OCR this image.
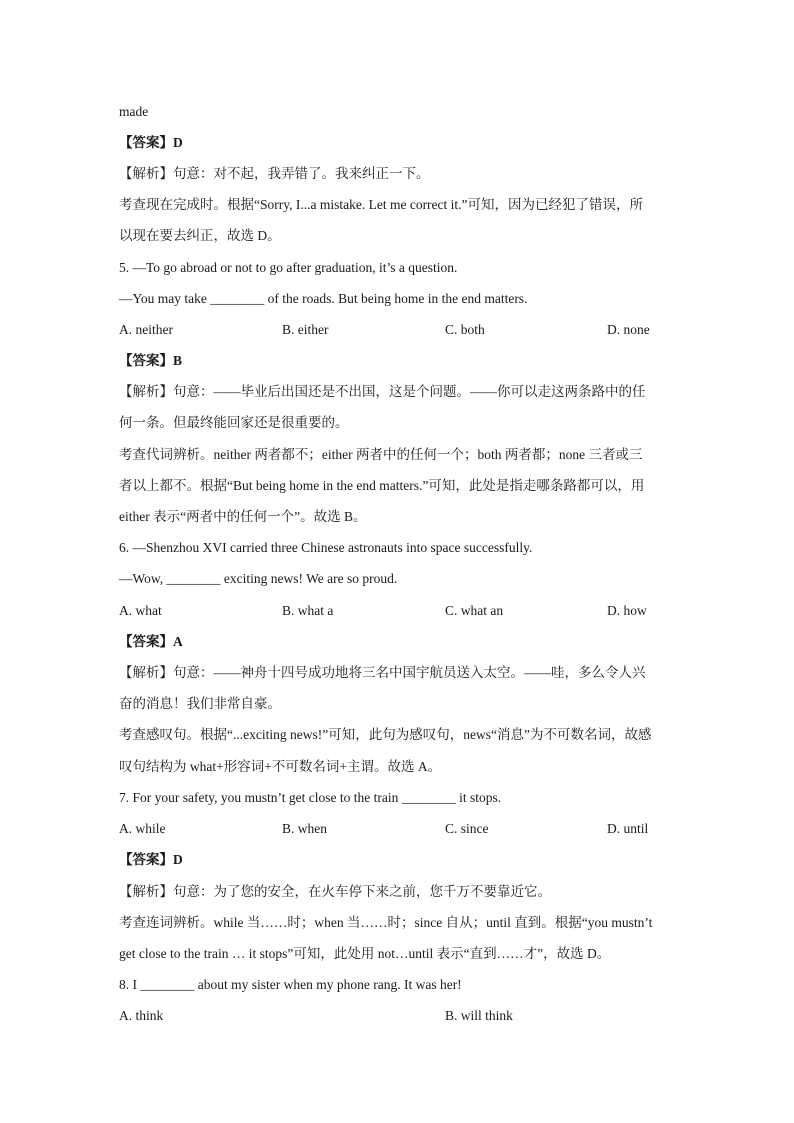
made
【答案】D
【解析】句意：对不起，我弄错了。我来纠正一下。
考查现在完成时。根据“Sorry, I...a mistake. Let me correct it.”可知，因为已经犯了错误，所
以现在要去纠正，故选 D。
5. —To go abroad or not to go after graduation, it’s a question.
—You may take ________ of the roads. But being home in the end matters.
A. neither	B. either	C. both	D. none
【答案】B
【解析】句意：——毕业后出国还是不出国，这是个问题。——你可以走这两条路中的任
何一条。但最终能回家还是很重要的。
考查代词辨析。neither 两者都不；either 两者中的任何一个；both 两者都；none 三者或三
者以上都不。根据“But being home in the end matters.”可知，此处是指走哪条路都可以，用
either 表示“两者中的任何一个”。故选 B。
6. —Shenzhou XVI carried three Chinese astronauts into space successfully.
—Wow, ________ exciting news! We are so proud.
A. what	B. what a	C. what an	D. how
【答案】A
【解析】句意：——神舟十四号成功地将三名中国宇航员送入太空。——哇，多么令人兴
奋的消息！我们非常自豪。
考查感叹句。根据“...exciting news!”可知，此句为感叹句，news“消息”为不可数名词，故感
叹句结构为 what+形容词+不可数名词+主谓。故选 A。
7. For your safety, you mustn’t get close to the train ________ it stops.
A. while	B. when	C. since	D. until
【答案】D
【解析】句意：为了您的安全，在火车停下来之前，您千万不要靠近它。
考查连词辨析。while 当……时；when 当……时；since 自从；until 直到。根据“you mustn’t
get close to the train … it stops”可知，此处用 not…until 表示“直到……才”，故选 D。
8. I ________ about my sister when my phone rang. It was her!
A. think	B. will think
